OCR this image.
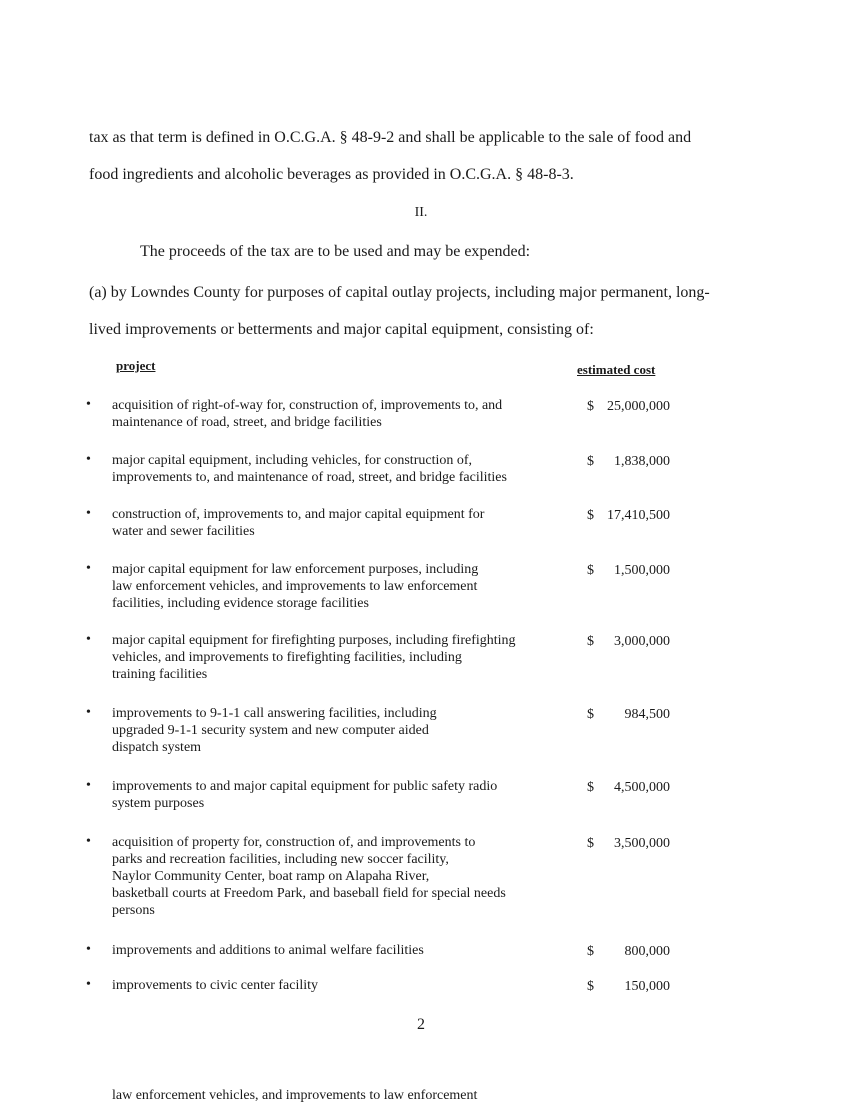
tax as that term is defined in O.C.G.A. § 48-9-2 and shall be applicable to the sale of food and
food ingredients and alcoholic beverages as provided in O.C.G.A. § 48-8-3.
II.
The proceeds of the tax are to be used and may be expended:
(a) by Lowndes County for purposes of capital outlay projects, including major permanent, long-
lived improvements or betterments and major capital equipment, consisting of:
project	estimated cost
• acquisition of right-of-way for, construction of, improvements to, and
maintenance of road, street, and bridge facilities
$ 25,000,000
• major capital equipment, including vehicles, for construction of,
improvements to, and maintenance of road, street, and bridge facilities
$ 1,838,000
• construction of, improvements to, and major capital equipment for
water and sewer facilities
$ 17,410,500
• major capital equipment for law enforcement purposes, including
law enforcement vehicles, and improvements to law enforcement
facilities, including evidence storage facilities
$ 1,500,000
• major capital equipment for firefighting purposes, including firefighting
vehicles, and improvements to firefighting facilities, including
training facilities
$ 3,000,000
• improvements to 9-1-1 call answering facilities, including
upgraded 9-1-1 security system and new computer aided
dispatch system
$ 984,500
• improvements to and major capital equipment for public safety radio
system purposes
$ 4,500,000
• acquisition of property for, construction of, and improvements to
parks and recreation facilities, including new soccer facility,
Naylor Community Center, boat ramp on Alapaha River,
basketball courts at Freedom Park, and baseball field for special needs
persons
$ 3,500,000
• improvements and additions to animal welfare facilities	$ 800,000
• improvements to civic center facility	$ 150,000
2
law enforcement vehicles, and improvements to law enforcement
